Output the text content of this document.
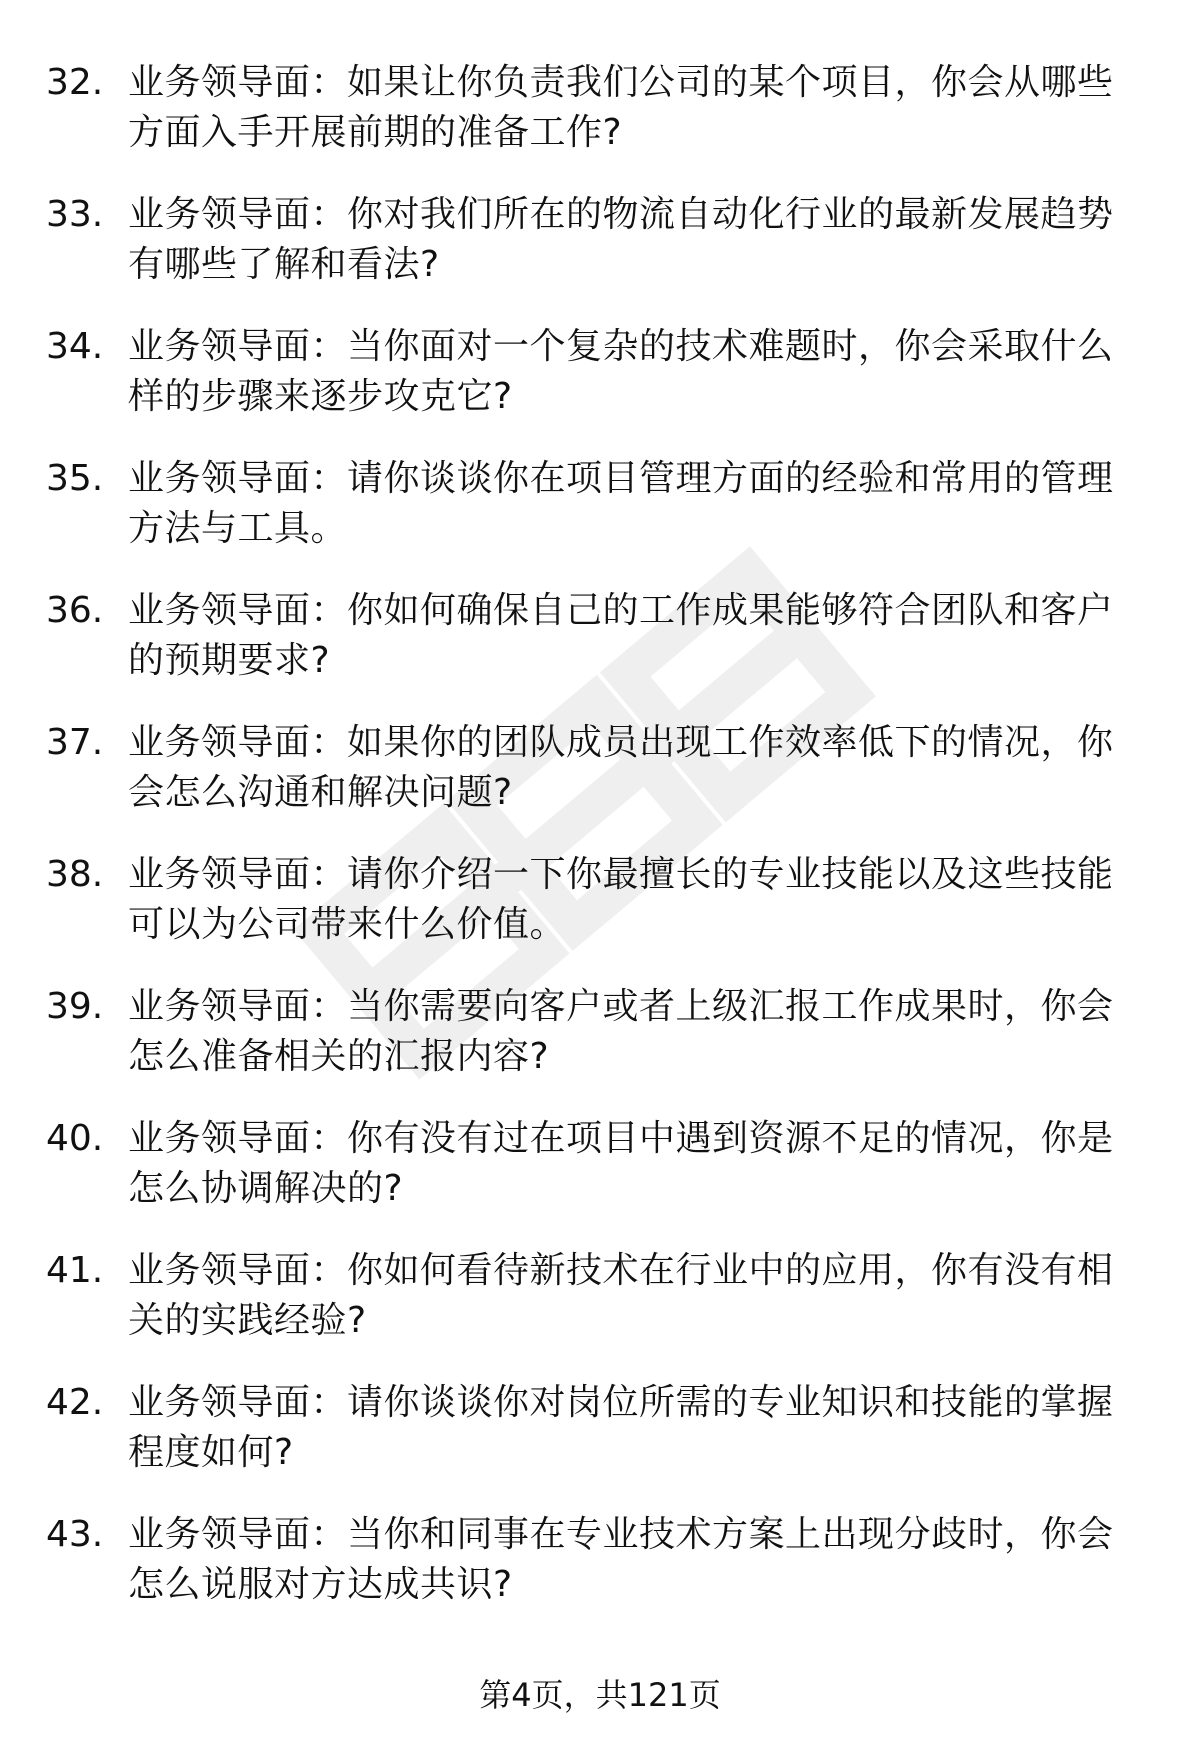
32. 业务领导面：如果让你负责我们公司的某个项目，你会从哪些方面入手开展前期的准备工作?
33. 业务领导面：你对我们所在的物流自动化行业的最新发展趋势有哪些了解和看法?
34. 业务领导面：当你面对一个复杂的技术难题时，你会采取什么样的步骤来逐步攻克它?
35. 业务领导面：请你谈谈你在项目管理方面的经验和常用的管理方法与工具。
36. 业务领导面：你如何确保自己的工作成果能够符合团队和客户的预期要求?
37. 业务领导面：如果你的团队成员出现工作效率低下的情况，你会怎么沟通和解决问题?
38. 业务领导面：请你介绍一下你最擅长的专业技能以及这些技能可以为公司带来什么价值。
39. 业务领导面：当你需要向客户或者上级汇报工作成果时，你会怎么准备相关的汇报内容?
40. 业务领导面：你有没有过在项目中遇到资源不足的情况，你是怎么协调解决的?
41. 业务领导面：你如何看待新技术在行业中的应用，你有没有相关的实践经验?
42. 业务领导面：请你谈谈你对岗位所需的专业知识和技能的掌握程度如何?
43. 业务领导面：当你和同事在专业技术方案上出现分歧时，你会怎么说服对方达成共识?
第4页，共121页
